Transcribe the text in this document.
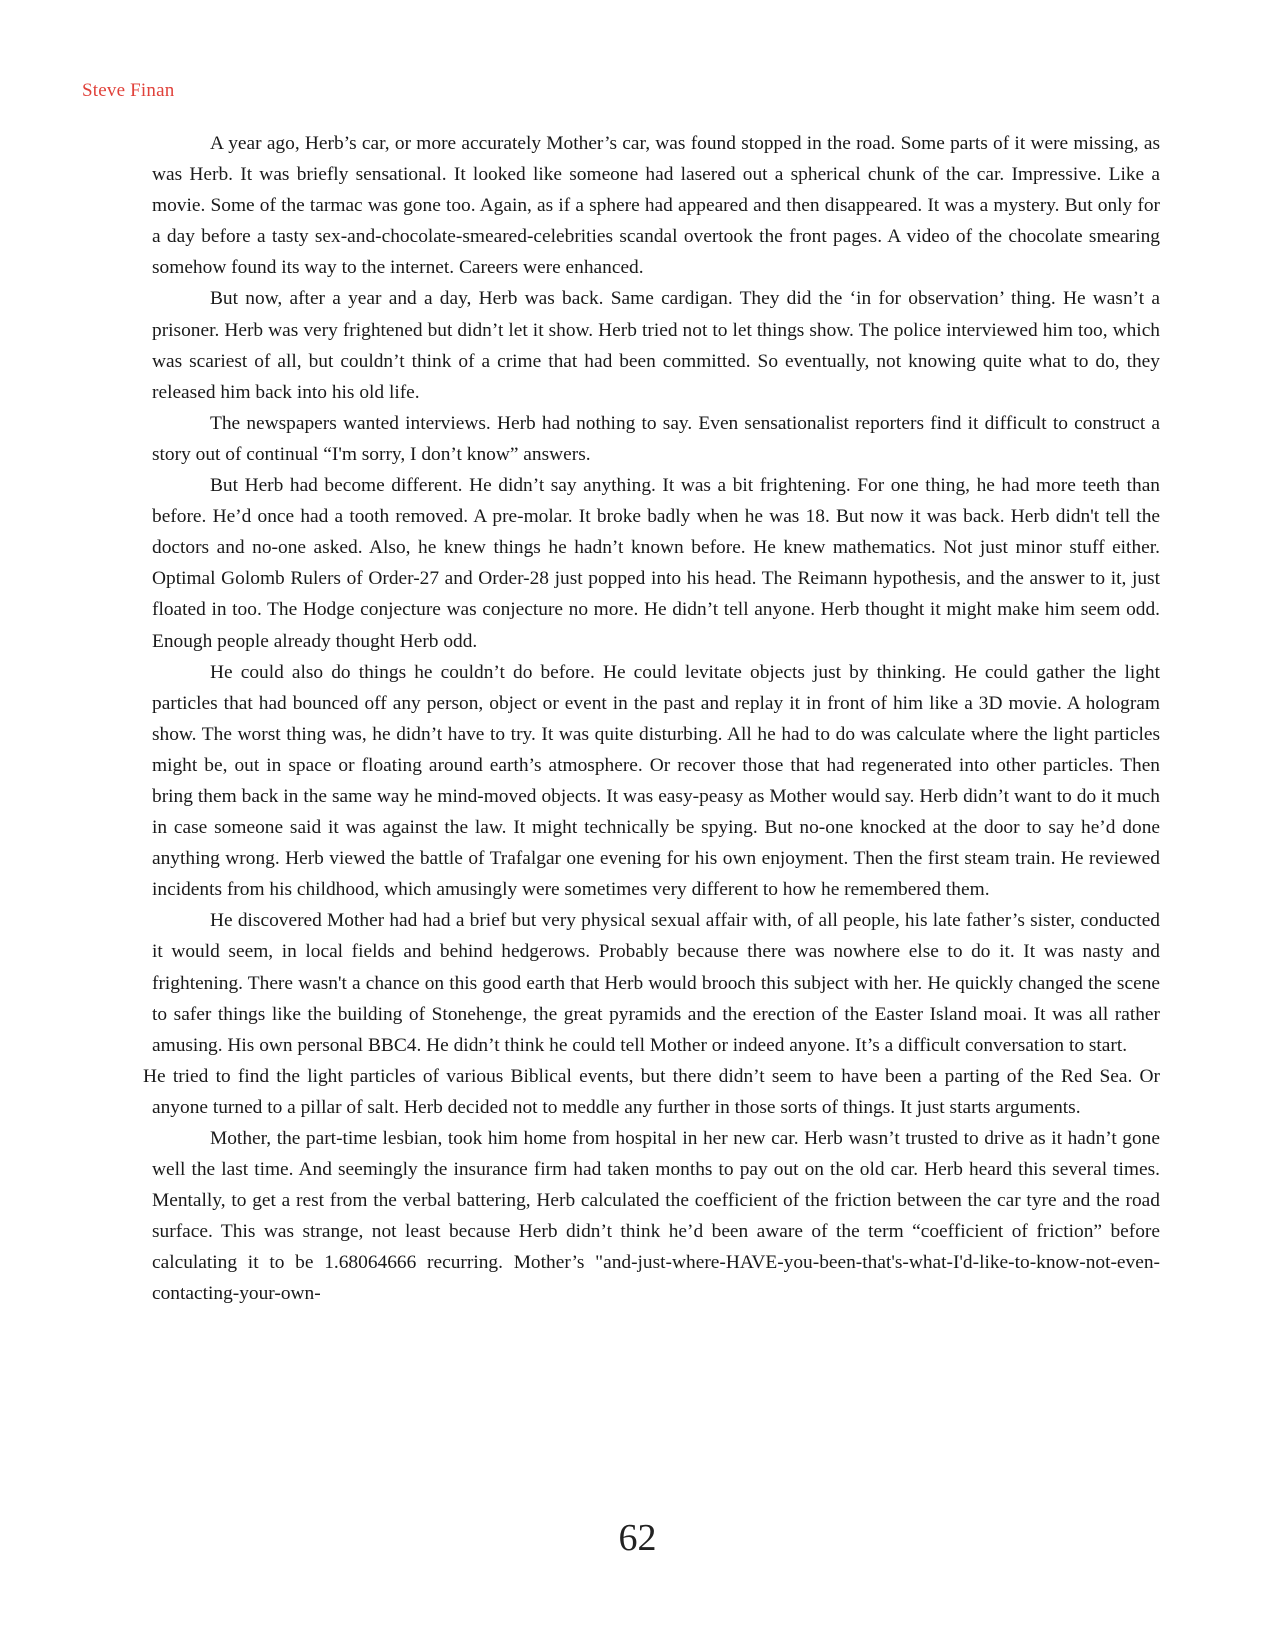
Steve Finan

A year ago, Herb’s car, or more accurately Mother’s car, was found stopped in the road. Some parts of it were missing, as was Herb. It was briefly sensational. It looked like someone had lasered out a spherical chunk of the car. Impressive. Like a movie. Some of the tarmac was gone too. Again, as if a sphere had appeared and then disappeared. It was a mystery. But only for a day before a tasty sex-and-chocolate-smeared-celebrities scandal overtook the front pages. A video of the chocolate smearing somehow found its way to the internet. Careers were enhanced.

But now, after a year and a day, Herb was back. Same cardigan. They did the ‘in for observation’ thing. He wasn’t a prisoner. Herb was very frightened but didn’t let it show. Herb tried not to let things show. The police interviewed him too, which was scariest of all, but couldn’t think of a crime that had been committed. So eventually, not knowing quite what to do, they released him back into his old life.

The newspapers wanted interviews. Herb had nothing to say. Even sensationalist reporters find it difficult to construct a story out of continual “I'm sorry, I don’t know” answers.

But Herb had become different. He didn’t say anything. It was a bit frightening. For one thing, he had more teeth than before. He’d once had a tooth removed. A pre-molar. It broke badly when he was 18. But now it was back. Herb didn't tell the doctors and no-one asked. Also, he knew things he hadn’t known before. He knew mathematics. Not just minor stuff either. Optimal Golomb Rulers of Order-27 and Order-28 just popped into his head. The Reimann hypothesis, and the answer to it, just floated in too. The Hodge conjecture was conjecture no more. He didn’t tell anyone. Herb thought it might make him seem odd. Enough people already thought Herb odd.

He could also do things he couldn’t do before. He could levitate objects just by thinking. He could gather the light particles that had bounced off any person, object or event in the past and replay it in front of him like a 3D movie. A hologram show. The worst thing was, he didn’t have to try. It was quite disturbing. All he had to do was calculate where the light particles might be, out in space or floating around earth’s atmosphere. Or recover those that had regenerated into other particles. Then bring them back in the same way he mind-moved objects. It was easy-peasy as Mother would say. Herb didn’t want to do it much in case someone said it was against the law. It might technically be spying. But no-one knocked at the door to say he’d done anything wrong. Herb viewed the battle of Trafalgar one evening for his own enjoyment. Then the first steam train. He reviewed incidents from his childhood, which amusingly were sometimes very different to how he remembered them.

He discovered Mother had had a brief but very physical sexual affair with, of all people, his late father’s sister, conducted it would seem, in local fields and behind hedgerows. Probably because there was nowhere else to do it. It was nasty and frightening. There wasn't a chance on this good earth that Herb would brooch this subject with her. He quickly changed the scene to safer things like the building of Stonehenge, the great pyramids and the erection of the Easter Island moai. It was all rather amusing. His own personal BBC4. He didn’t think he could tell Mother or indeed anyone. It’s a difficult conversation to start.

He tried to find the light particles of various Biblical events, but there didn’t seem to have been a parting of the Red Sea. Or anyone turned to a pillar of salt. Herb decided not to meddle any further in those sorts of things. It just starts arguments.

Mother, the part-time lesbian, took him home from hospital in her new car. Herb wasn’t trusted to drive as it hadn’t gone well the last time. And seemingly the insurance firm had taken months to pay out on the old car. Herb heard this several times. Mentally, to get a rest from the verbal battering, Herb calculated the coefficient of the friction between the car tyre and the road surface. This was strange, not least because Herb didn’t think he’d been aware of the term “coefficient of friction” before calculating it to be 1.68064666 recurring. Mother’s "and-just-where-HAVE-you-been-that's-what-I'd-like-to-know-not-even-contacting-your-own-

62
